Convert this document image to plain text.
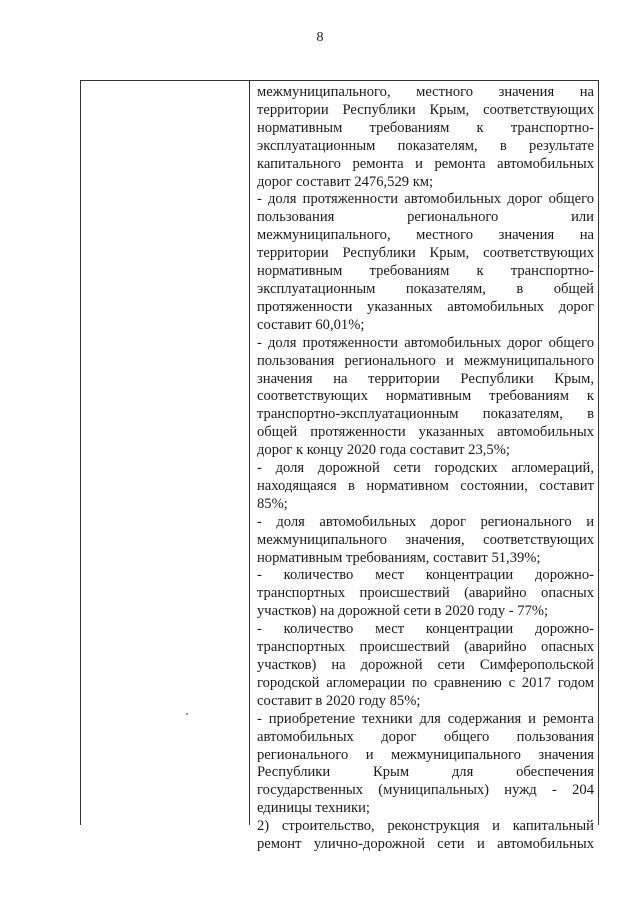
8
межмуниципального, местного значения на
территории Республики Крым, соответствующих
нормативным требованиям к транспортно-
эксплуатационным показателям, в результате
капитального ремонта и ремонта автомобильных
дорог составит 2476,529 км;
- доля протяженности автомобильных дорог общего
пользования регионального или
межмуниципального, местного значения на
территории Республики Крым, соответствующих
нормативным требованиям к транспортно-
эксплуатационным показателям, в общей
протяженности указанных автомобильных дорог
составит 60,01%;
- доля протяженности автомобильных дорог общего
пользования регионального и межмуниципального
значения на территории Республики Крым,
соответствующих нормативным требованиям к
транспортно-эксплуатационным показателям, в
общей протяженности указанных автомобильных
дорог к концу 2020 года составит 23,5%;
- доля дорожной сети городских агломераций,
находящаяся в нормативном состоянии, составит
85%;
- доля автомобильных дорог регионального и
межмуниципального значения, соответствующих
нормативным требованиям, составит 51,39%;
- количество мест концентрации дорожно-
транспортных происшествий (аварийно опасных
участков) на дорожной сети в 2020 году - 77%;
- количество мест концентрации дорожно-
транспортных происшествий (аварийно опасных
участков) на дорожной сети Симферопольской
городской агломерации по сравнению с 2017 годом
составит в 2020 году 85%;
- приобретение техники для содержания и ремонта
автомобильных дорог общего пользования
регионального и межмуниципального значения
Республики Крым для обеспечения
государственных (муниципальных) нужд - 204
единицы техники;
2) строительство, реконструкция и капитальный
ремонт улично-дорожной сети и автомобильных
